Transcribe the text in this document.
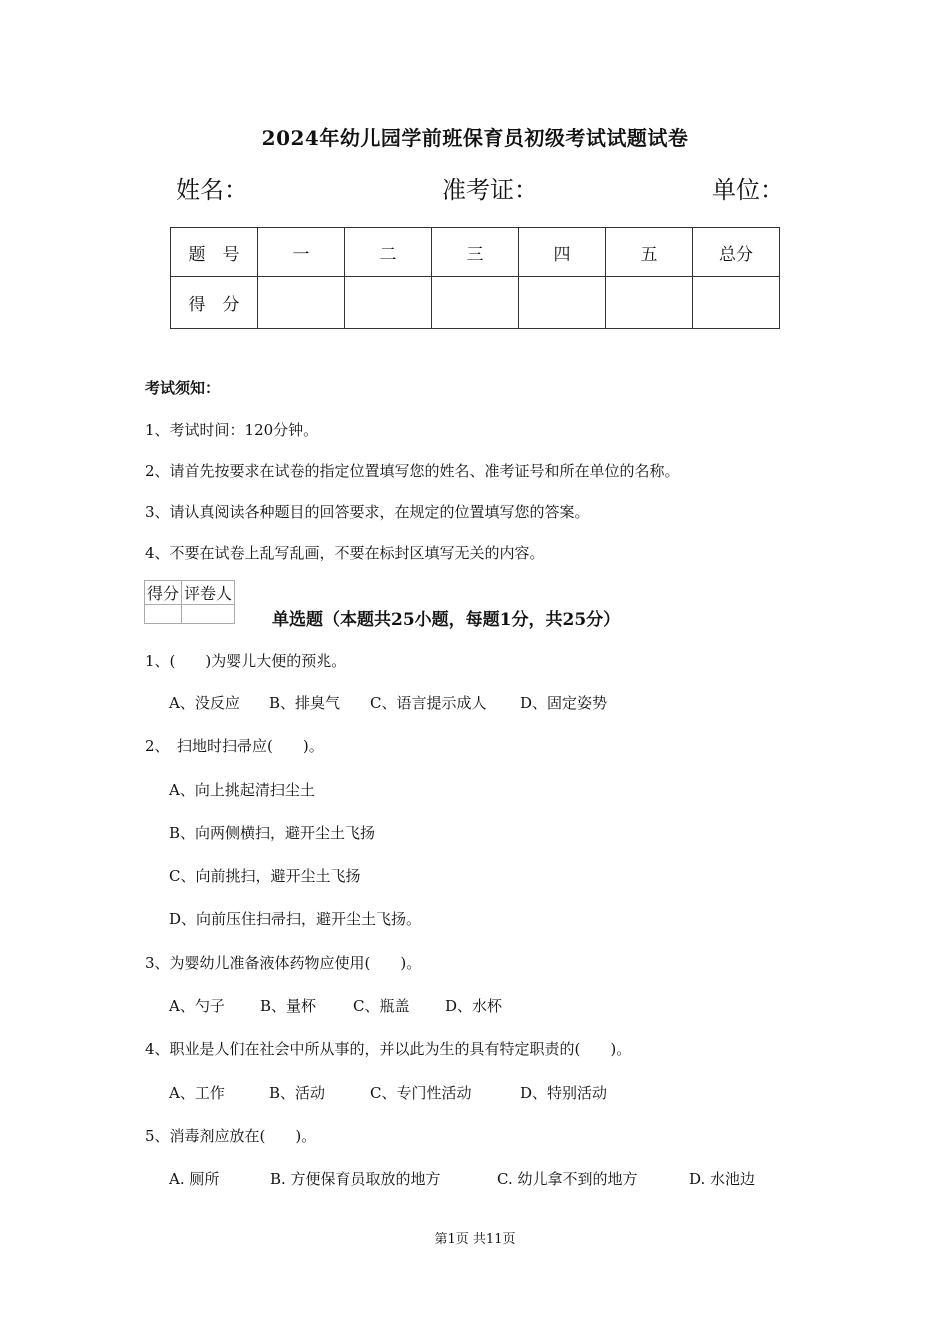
2024年幼儿园学前班保育员初级考试试题试卷
姓名：	准考证：	单位：
题　号	一	二	三	四	五	总分
得　分						
考试须知：
1、考试时间：120分钟。
2、请首先按要求在试卷的指定位置填写您的姓名、准考证号和所在单位的名称。
3、请认真阅读各种题目的回答要求，在规定的位置填写您的答案。
4、不要在试卷上乱写乱画，不要在标封区填写无关的内容。
得分	评卷人

单选题（本题共25小题，每题1分，共25分）
1、(　　)为婴儿大便的预兆。
A、没反应 B、排臭气 C、语言提示成人 D、固定姿势
2、　扫地时扫帚应(　　)。
A、向上挑起清扫尘土
B、向两侧横扫，避开尘土飞扬
C、向前挑扫，避开尘土飞扬
D、向前压住扫帚扫，避开尘土飞扬。
3、为婴幼儿准备液体药物应使用(　　)。
A、勺子 B、量杯 C、瓶盖 D、水杯
4、职业是人们在社会中所从事的，并以此为生的具有特定职责的(　　)。
A、工作	B、活动	C、专门性活动	D、特别活动
5、消毒剂应放在(　　)。
A. 厕所	B. 方便保育员取放的地方	C. 幼儿拿不到的地方	D. 水池边
第1页 共11页
